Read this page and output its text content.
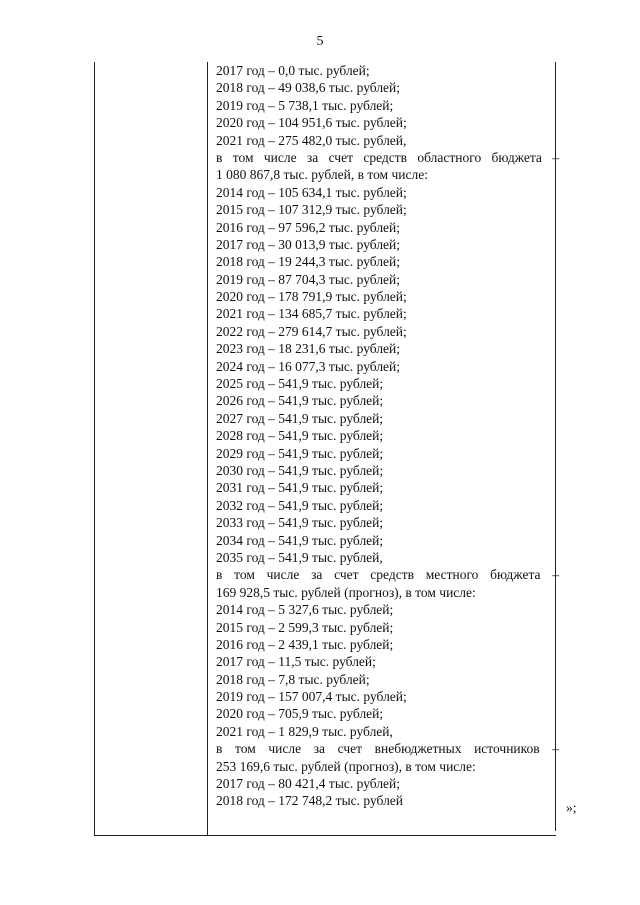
5
2017 год – 0,0 тыс. рублей;
2018 год – 49 038,6 тыс. рублей;
2019 год – 5 738,1 тыс. рублей;
2020 год – 104 951,6 тыс. рублей;
2021 год – 275 482,0 тыс. рублей,
в том числе за счет средств областного бюджета –
1 080 867,8 тыс. рублей, в том числе:
2014 год – 105 634,1 тыс. рублей;
2015 год – 107 312,9 тыс. рублей;
2016 год – 97 596,2 тыс. рублей;
2017 год – 30 013,9 тыс. рублей;
2018 год – 19 244,3 тыс. рублей;
2019 год – 87 704,3 тыс. рублей;
2020 год – 178 791,9 тыс. рублей;
2021 год – 134 685,7 тыс. рублей;
2022 год – 279 614,7 тыс. рублей;
2023 год – 18 231,6 тыс. рублей;
2024 год – 16 077,3 тыс. рублей;
2025 год – 541,9 тыс. рублей;
2026 год – 541,9 тыс. рублей;
2027 год – 541,9 тыс. рублей;
2028 год – 541,9 тыс. рублей;
2029 год – 541,9 тыс. рублей;
2030 год – 541,9 тыс. рублей;
2031 год – 541,9 тыс. рублей;
2032 год – 541,9 тыс. рублей;
2033 год – 541,9 тыс. рублей;
2034 год – 541,9 тыс. рублей;
2035 год – 541,9 тыс. рублей,
в том числе за счет средств местного бюджета –
169 928,5 тыс. рублей (прогноз), в том числе:
2014 год – 5 327,6 тыс. рублей;
2015 год – 2 599,3 тыс. рублей;
2016 год – 2 439,1 тыс. рублей;
2017 год – 11,5 тыс. рублей;
2018 год – 7,8 тыс. рублей;
2019 год – 157 007,4 тыс. рублей;
2020 год – 705,9 тыс. рублей;
2021 год – 1 829,9 тыс. рублей,
в том числе за счет внебюджетных источников –
253 169,6 тыс. рублей (прогноз), в том числе:
2017 год – 80 421,4 тыс. рублей;
2018 год – 172 748,2 тыс. рублей	»;
